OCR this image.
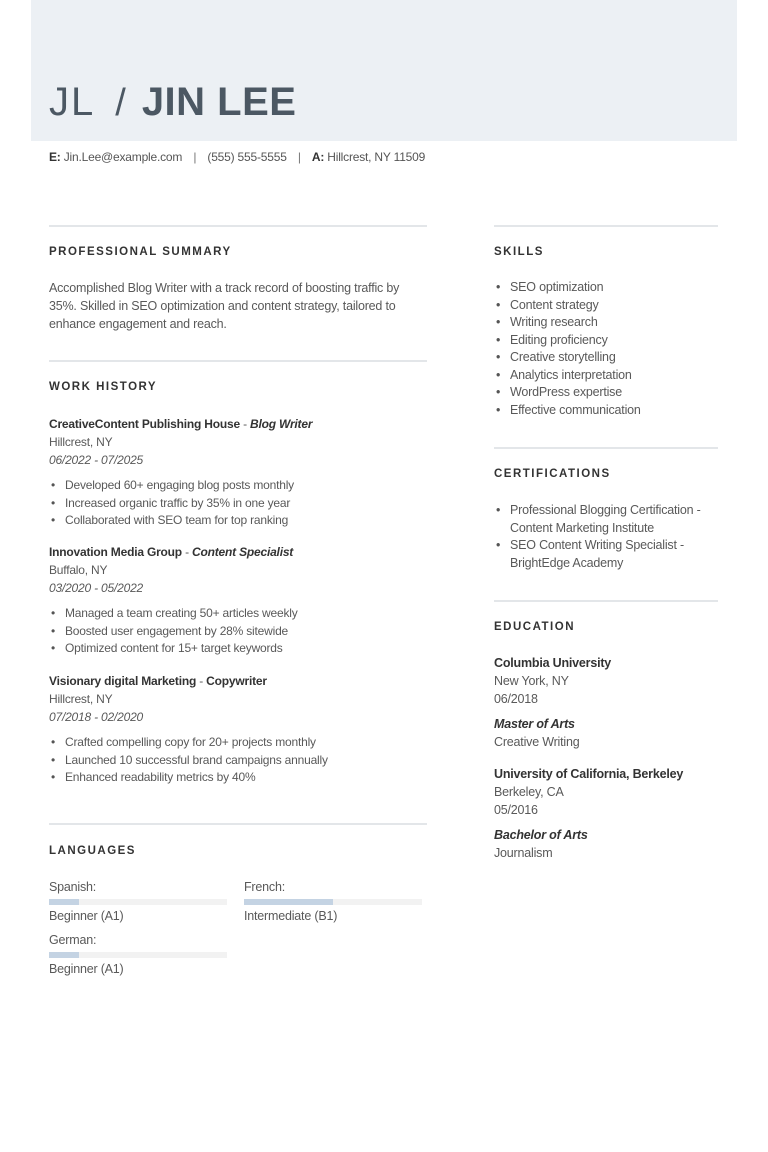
JL / JIN LEE
E: Jin.Lee@example.com | (555) 555-5555 | A: Hillcrest, NY 11509
PROFESSIONAL SUMMARY
Accomplished Blog Writer with a track record of boosting traffic by 35%. Skilled in SEO optimization and content strategy, tailored to enhance engagement and reach.
WORK HISTORY
CreativeContent Publishing House - Blog Writer
Hillcrest, NY
06/2022 - 07/2025
• Developed 60+ engaging blog posts monthly
• Increased organic traffic by 35% in one year
• Collaborated with SEO team for top ranking
Innovation Media Group - Content Specialist
Buffalo, NY
03/2020 - 05/2022
• Managed a team creating 50+ articles weekly
• Boosted user engagement by 28% sitewide
• Optimized content for 15+ target keywords
Visionary digital Marketing - Copywriter
Hillcrest, NY
07/2018 - 02/2020
• Crafted compelling copy for 20+ projects monthly
• Launched 10 successful brand campaigns annually
• Enhanced readability metrics by 40%
LANGUAGES
Spanish:
Beginner (A1)
French:
Intermediate (B1)
German:
Beginner (A1)
SKILLS
• SEO optimization
• Content strategy
• Writing research
• Editing proficiency
• Creative storytelling
• Analytics interpretation
• WordPress expertise
• Effective communication
CERTIFICATIONS
• Professional Blogging Certification - Content Marketing Institute
• SEO Content Writing Specialist - BrightEdge Academy
EDUCATION
Columbia University
New York, NY
06/2018
Master of Arts
Creative Writing
University of California, Berkeley
Berkeley, CA
05/2016
Bachelor of Arts
Journalism
